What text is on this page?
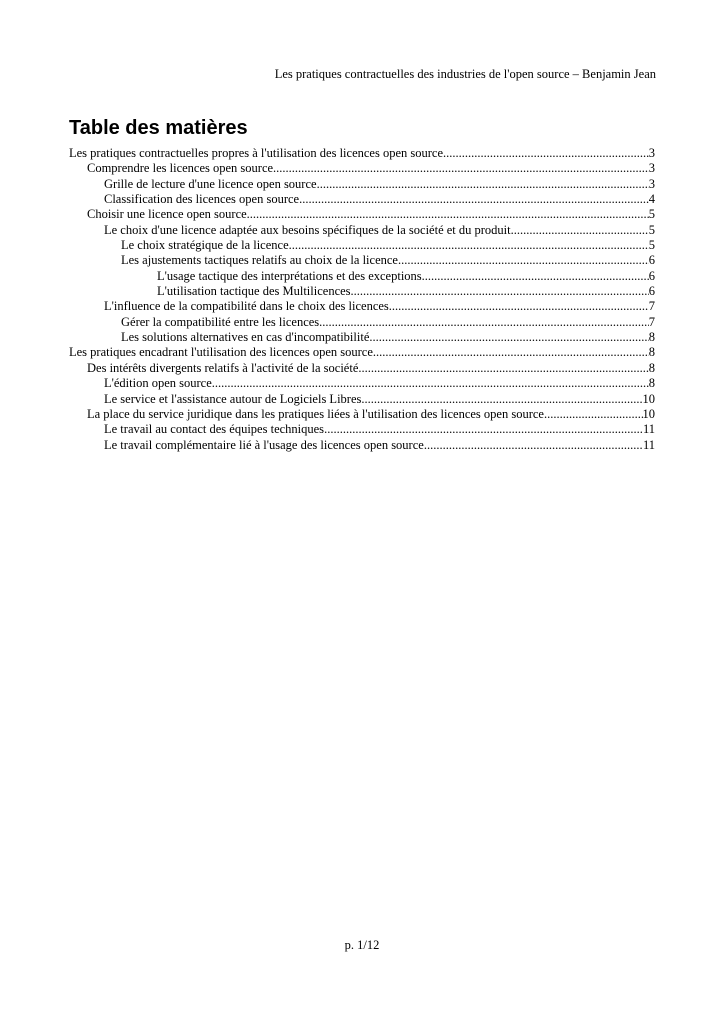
Les pratiques contractuelles des industries de l'open source – Benjamin Jean
Table des matières
Les pratiques contractuelles propres à l'utilisation des licences open source .....	3
Comprendre les licences open source .....	3
Grille de lecture d'une licence open source .....	3
Classification des licences open source .....	4
Choisir une licence open source .....	5
Le choix d'une licence adaptée aux besoins spécifiques de la société et du produit .....	5
Le choix stratégique de la licence .....	5
Les ajustements tactiques relatifs au choix de la licence .....	6
L'usage tactique des interprétations et des exceptions .....	6
L'utilisation tactique des Multilicences .....	6
L'influence de la compatibilité dans le choix des licences .....	7
Gérer la compatibilité entre les licences .....	7
Les solutions alternatives en cas d'incompatibilité .....	8
Les pratiques encadrant l'utilisation des licences open source .....	8
Des intérêts divergents relatifs à l'activité de la société .....	8
L'édition open source .....	8
Le service et l'assistance autour de Logiciels Libres .....	10
La place du service juridique dans les pratiques liées à l'utilisation des licences open source .....	10
Le travail au contact des équipes techniques .....	11
Le travail complémentaire lié à l'usage des licences open source .....	11
p. 1/12
